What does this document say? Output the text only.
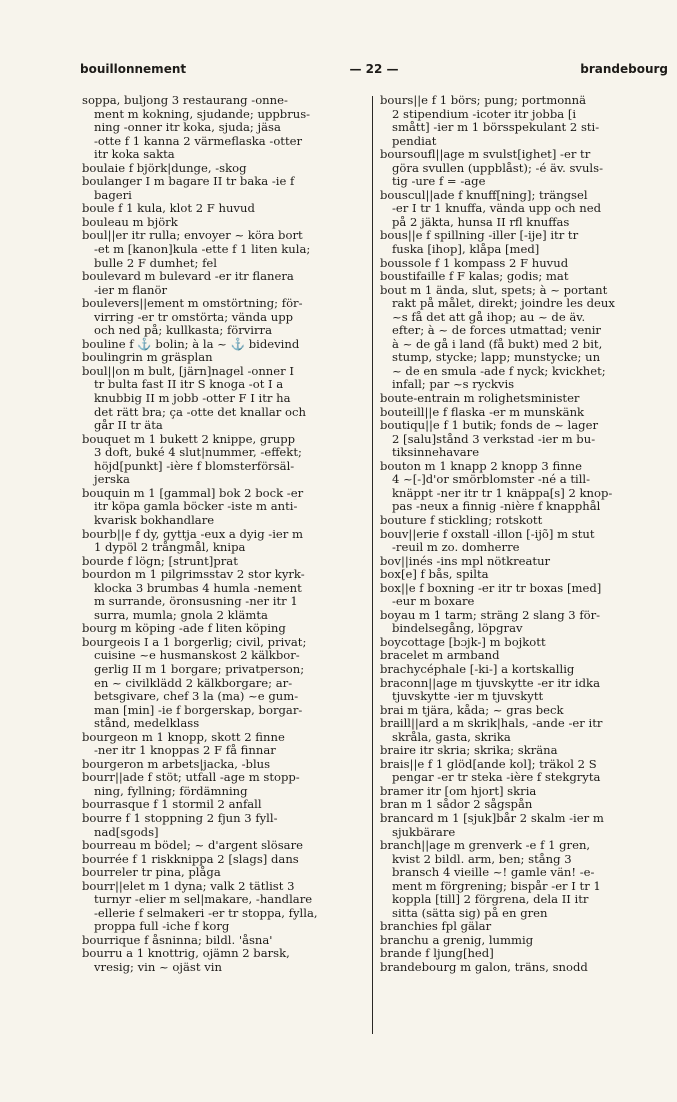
bouillonnement	— 22 —	brandebourg
soppa, buljong 3 restaurang -onne-
ment m kokning, sjudande; uppbrus-
ning -onner itr koka, sjuda; jäsa
-otte f 1 kanna 2 värmeflaska -otter
itr koka sakta
boulaie f björk|dunge, -skog
boulanger I m bagare II tr baka -ie f
bageri
boule f 1 kula, klot 2 F huvud
bouleau m björk
boul||er itr rulla; envoyer ~ köra bort
-et m [kanon]kula -ette f 1 liten kula;
bulle 2 F dumhet; fel
boulevard m bulevard -er itr flanera
-ier m flanör
boulevers||ement m omstörtning; för-
virring -er tr omstörta; vända upp
och ned på; kullkasta; förvirra
bouline f ⚓ bolin; à la ~ ⚓ bidevind
boulingrin m gräsplan
boul||on m bult, [järn]nagel -onner I
tr bulta fast II itr S knoga -ot I a
knubbig II m jobb -otter F I itr ha
det rätt bra; ça -otte det knallar och
går II tr äta
bouquet m 1 bukett 2 knippe, grupp
3 doft, buké 4 slut|nummer, -effekt;
höjd[punkt] -ière f blomsterförsäl-
jerska
bouquin m 1 [gammal] bok 2 bock -er
itr köpa gamla böcker -iste m anti-
kvarisk bokhandlare
bourb||e f dy, gyttja -eux a dyig -ier m
1 dypöl 2 trångmål, knipa
bourde f lögn; [strunt]prat
bourdon m 1 pilgrimsstav 2 stor kyrk-
klocka 3 brumbas 4 humla -nement
m surrande, öronsusning -ner itr 1
surra, mumla; gnola 2 klämta
bourg m köping -ade f liten köping
bourgeois I a 1 borgerlig; civil, privat;
cuisine ~e husmanskost 2 kälkbor-
gerlig II m 1 borgare; privatperson;
en ~ civilklädd 2 kälkborgare; ar-
betsgivare, chef 3 la (ma) ~e gum-
man [min] -ie f borgerskap, borgar-
stånd, medelklass
bourgeon m 1 knopp, skott 2 finne
-ner itr 1 knoppas 2 F få finnar
bourgeron m arbets|jacka, -blus
bourr||ade f stöt; utfall -age m stopp-
ning, fyllning; fördämning
bourrasque f 1 stormil 2 anfall
bourre f 1 stoppning 2 fjun 3 fyll-
nad[sgods]
bourreau m bödel; ~ d'argent slösare
bourrée f 1 riskknippa 2 [slags] dans
bourreler tr pina, plåga
bourr||elet m 1 dyna; valk 2 tätlist 3
turnyr -elier m sel|makare, -handlare
-ellerie f selmakeri -er tr stoppa, fylla,
proppa full -iche f korg
bourrique f åsninna; bildl. 'åsna'
bourru a 1 knottrig, ojämn 2 barsk,
vresig; vin ~ ojäst vin
bours||e f 1 börs; pung; portmonnä
2 stipendium -icoter itr jobba [i
smått] -ier m 1 börsspekulant 2 sti-
pendiat
boursoufl||age m svulst[ighet] -er tr
göra svullen (uppblåst); -é äv. svuls-
tig -ure f = -age
bouscul||ade f knuff[ning]; trängsel
-er I tr 1 knuffa, vända upp och ned
på 2 jäkta, hunsa II rfl knuffas
bous||e f spillning -iller [-ije] itr tr
fuska [ihop], klåpa [med]
boussole f 1 kompass 2 F huvud
boustifaille f F kalas; godis; mat
bout m 1 ända, slut, spets; à ~ portant
rakt på målet, direkt; joindre les deux
~s få det att gå ihop; au ~ de äv.
efter; à ~ de forces utmattad; venir
à ~ de gå i land (få bukt) med 2 bit,
stump, stycke; lapp; munstycke; un
~ de en smula -ade f nyck; kvickhet;
infall; par ~s ryckvis
boute-entrain m rolighetsminister
bouteill||e f flaska -er m munskänk
boutiqu||e f 1 butik; fonds de ~ lager
2 [salu]stånd 3 verkstad -ier m bu-
tiksinnehavare
bouton m 1 knapp 2 knopp 3 finne
4 ~[-]d'or smörblomster -né a till-
knäppt -ner itr tr 1 knäppa[s] 2 knop-
pas -neux a finnig -nière f knapphål
bouture f stickling; rotskott
bouv||erie f oxstall -illon [-ijõ] m stut
-reuil m zo. domherre
bov||inés -ins mpl nötkreatur
box[e] f bås, spilta
box||e f boxning -er itr tr boxas [med]
-eur m boxare
boyau m 1 tarm; sträng 2 slang 3 för-
bindelsegång, löpgrav
boycottage [bɔjk-] m bojkott
bracelet m armband
brachycéphale [-ki-] a kortskallig
braconn||age m tjuvskytte -er itr idka
tjuvskytte -ier m tjuvskytt
brai m tjära, kåda; ~ gras beck
braill||ard a m skrik|hals, -ande -er itr
skråla, gasta, skrika
braire itr skria; skrika; skräna
brais||e f 1 glöd[ande kol]; träkol 2 S
pengar -er tr steka -ière f stekgryta
bramer itr [om hjort] skria
bran m 1 sådor 2 sågspån
brancard m 1 [sjuk]bår 2 skalm -ier m
sjukbärare
branch||age m grenverk -e f 1 gren,
kvist 2 bildl. arm, ben; stång 3
bransch 4 vieille ~! gamle vän! -e-
ment m förgrening; bispår -er I tr 1
koppla [till] 2 förgrena, dela II itr
sitta (sätta sig) på en gren
branchies fpl gälar
branchu a grenig, lummig
brande f ljung[hed]
brandebourg m galon, träns, snodd
